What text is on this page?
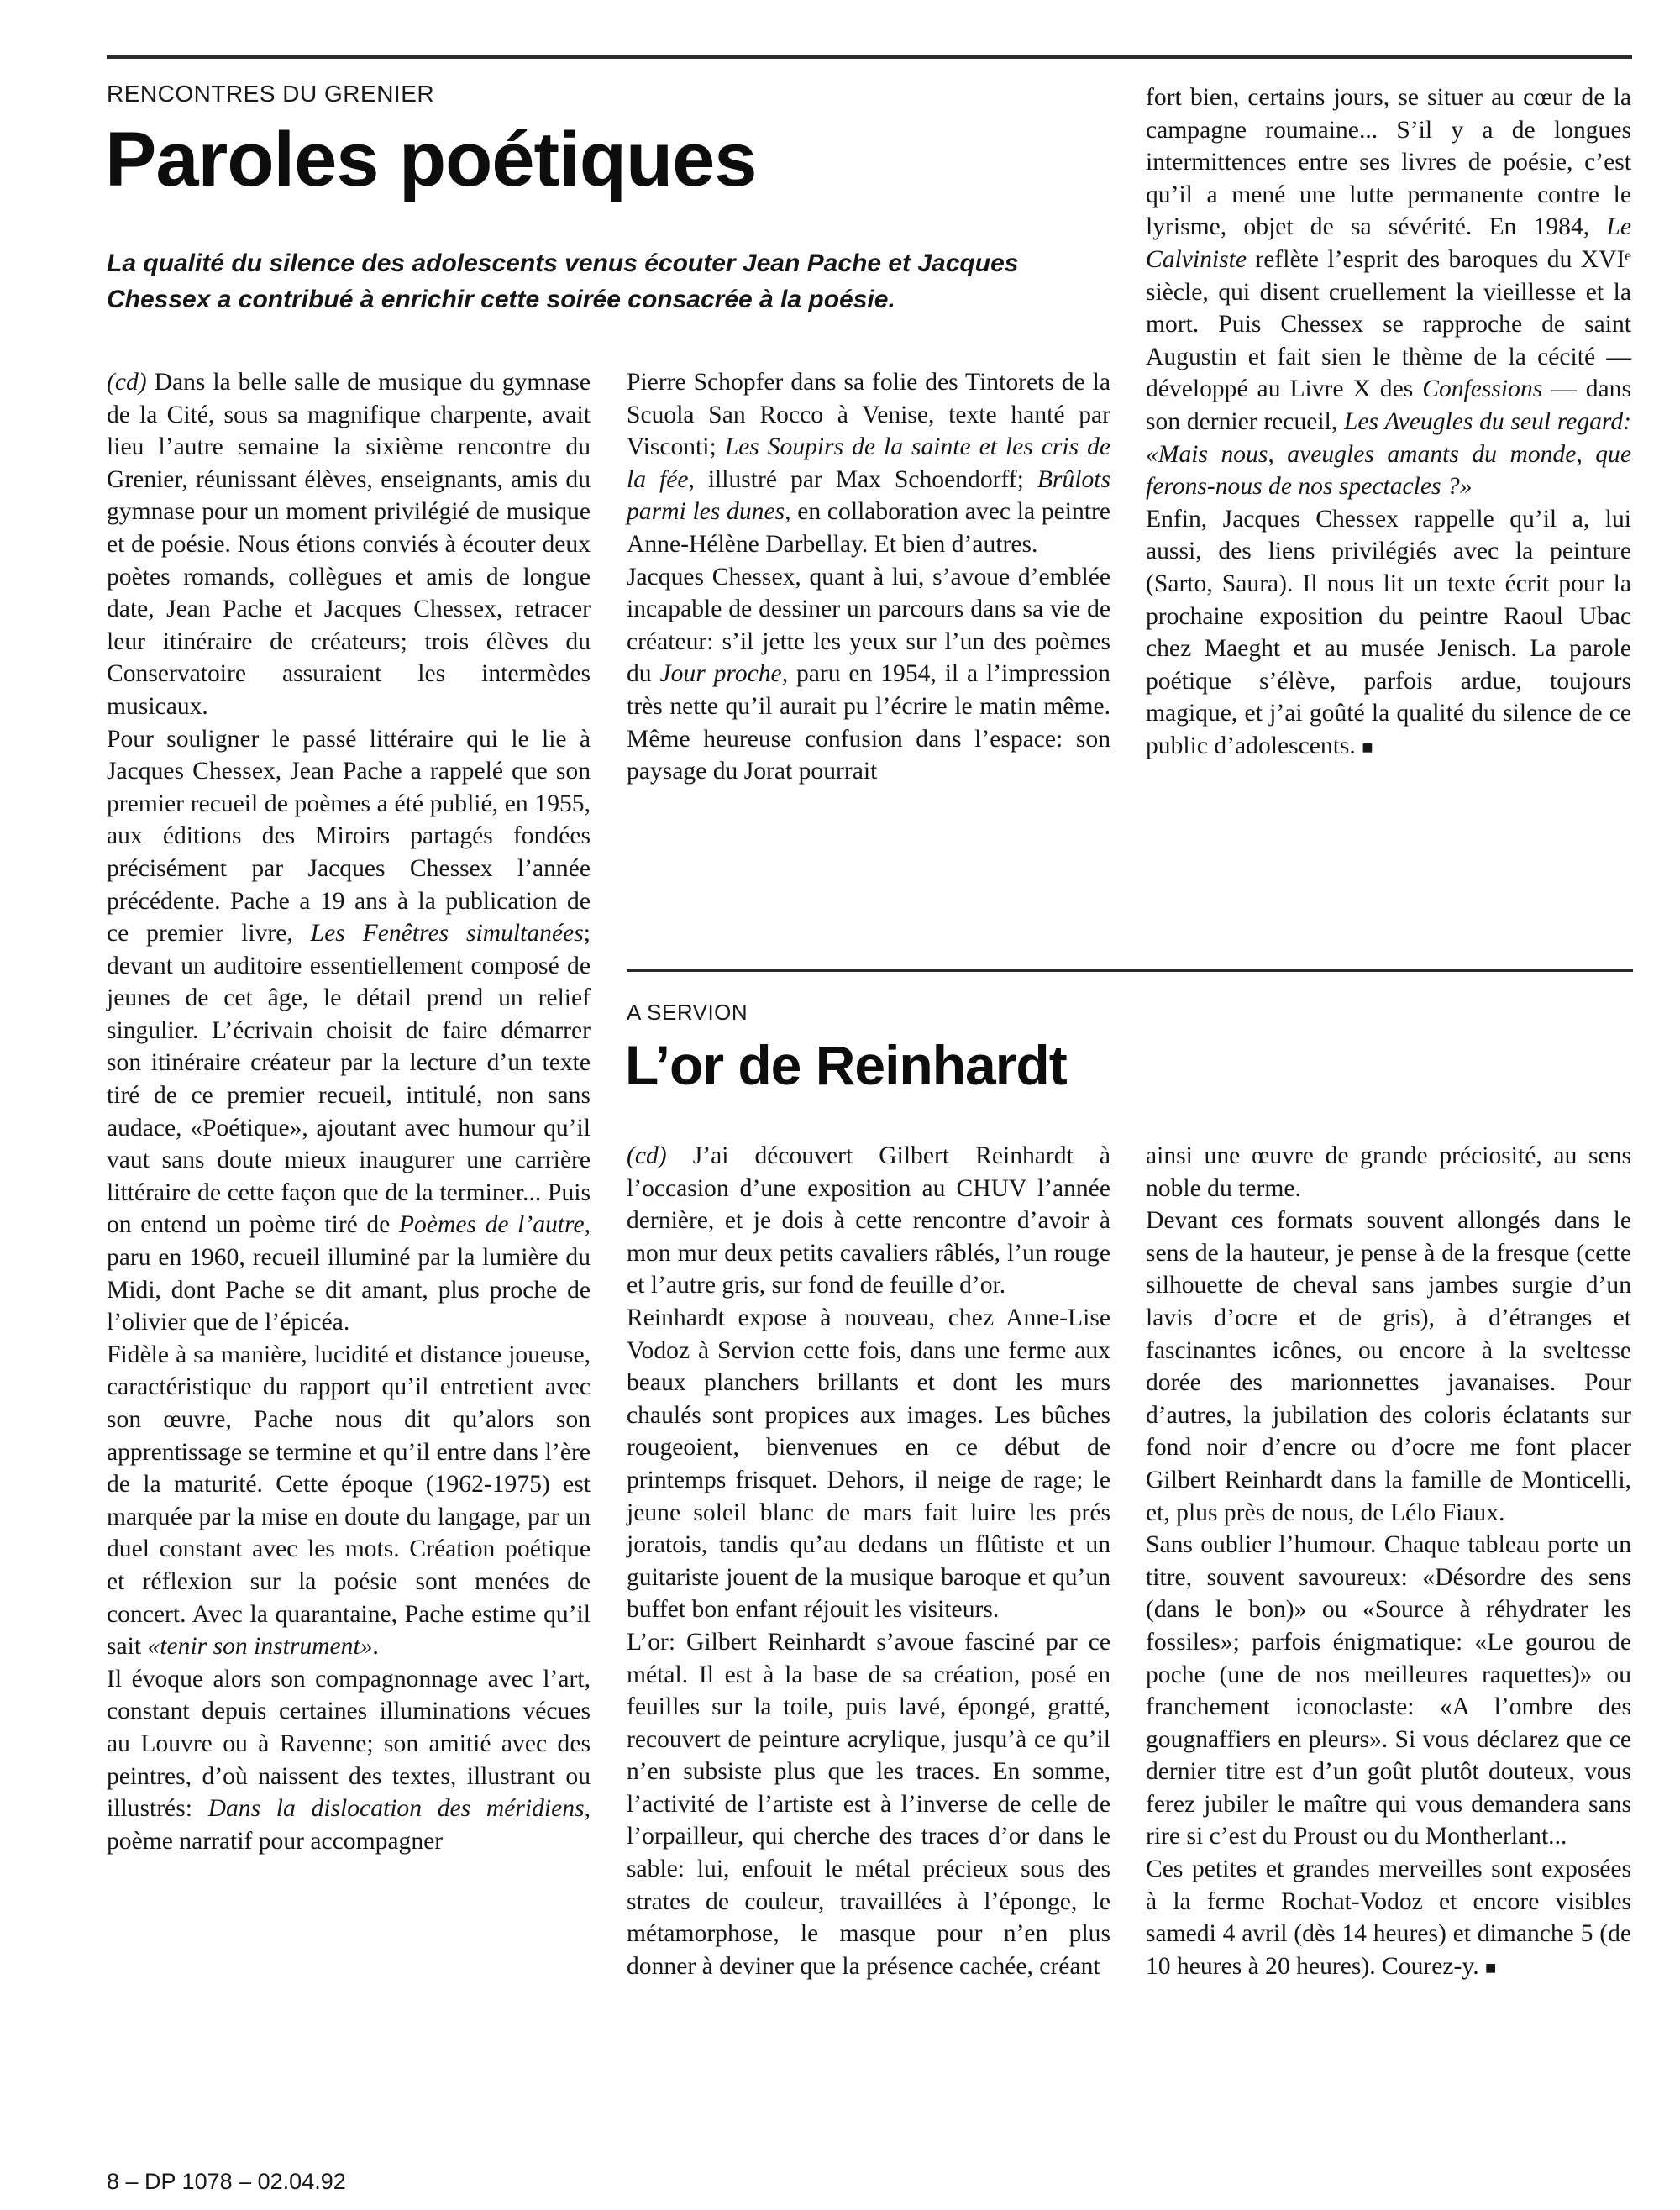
RENCONTRES DU GRENIER
Paroles poétiques
La qualité du silence des adolescents venus écouter Jean Pache et Jacques Chessex a contribué à enrichir cette soirée consacrée à la poésie.

(cd) Dans la belle salle de musique du gymnase de la Cité, sous sa magnifique charpente, avait lieu l’autre semaine la sixième rencontre du Grenier, réunissant élèves, enseignants, amis du gymnase pour un moment privilégié de musique et de poésie. Nous étions conviés à écouter deux poètes romands, collègues et amis de longue date, Jean Pache et Jacques Chessex, retracer leur itinéraire de créateurs; trois élèves du Conservatoire assuraient les intermèdes musicaux.

Pour souligner le passé littéraire qui le lie à Jacques Chessex, Jean Pache a rappelé que son premier recueil de poèmes a été publié, en 1955, aux éditions des Miroirs partagés fondées précisément par Jacques Chessex l’année précédente. Pache a 19 ans à la publication de ce premier livre, Les Fenêtres simultanées; devant un auditoire essentiellement composé de jeunes de cet âge, le détail prend un relief singulier. L’écrivain choisit de faire démarrer son itinéraire créateur par la lecture d’un texte tiré de ce premier recueil, intitulé, non sans audace, «Poétique», ajoutant avec humour qu’il vaut sans doute mieux inaugurer une carrière littéraire de cette façon que de la terminer... Puis on entend un poème tiré de Poèmes de l’autre, paru en 1960, recueil illuminé par la lumière du Midi, dont Pache se dit amant, plus proche de l’olivier que de l’épicéa.

Fidèle à sa manière, lucidité et distance joueuse, caractéristique du rapport qu’il entretient avec son œuvre, Pache nous dit qu’alors son apprentissage se termine et qu’il entre dans l’ère de la maturité. Cette époque (1962-1975) est marquée par la mise en doute du langage, par un duel constant avec les mots. Création poétique et réflexion sur la poésie sont menées de concert. Avec la quarantaine, Pache estime qu’il sait «tenir son instrument».

Il évoque alors son compagnonnage avec l’art, constant depuis certaines illuminations vécues au Louvre ou à Ravenne; son amitié avec des peintres, d’où naissent des textes, illustrant ou illustrés: Dans la dislocation des méridiens, poème narratif pour accompagner

Pierre Schopfer dans sa folie des Tintorets de la Scuola San Rocco à Venise, texte hanté par Visconti; Les Soupirs de la sainte et les cris de la fée, illustré par Max Schoendorff; Brûlots parmi les dunes, en collaboration avec la peintre Anne-Hélène Darbellay. Et bien d’autres.

Jacques Chessex, quant à lui, s’avoue d’emblée incapable de dessiner un parcours dans sa vie de créateur: s’il jette les yeux sur l’un des poèmes du Jour proche, paru en 1954, il a l’impression très nette qu’il aurait pu l’écrire le matin même. Même heureuse confusion dans l’espace: son paysage du Jorat pourrait

fort bien, certains jours, se situer au cœur de la campagne roumaine... S’il y a de longues intermittences entre ses livres de poésie, c’est qu’il a mené une lutte permanente contre le lyrisme, objet de sa sévérité. En 1984, Le Calviniste reflète l’esprit des baroques du XVIᵉ siècle, qui disent cruellement la vieillesse et la mort. Puis Chessex se rapproche de saint Augustin et fait sien le thème de la cécité — développé au Livre X des Confessions — dans son dernier recueil, Les Aveugles du seul regard: «Mais nous, aveugles amants du monde, que ferons-nous de nos spectacles ?»

Enfin, Jacques Chessex rappelle qu’il a, lui aussi, des liens privilégiés avec la peinture (Sarto, Saura). Il nous lit un texte écrit pour la prochaine exposition du peintre Raoul Ubac chez Maeght et au musée Jenisch. La parole poétique s’élève, parfois ardue, toujours magique, et j’ai goûté la qualité du silence de ce public d’adolescents. ■

A SERVION
L’or de Reinhardt

(cd) J’ai découvert Gilbert Reinhardt à l’occasion d’une exposition au CHUV l’année dernière, et je dois à cette rencontre d’avoir à mon mur deux petits cavaliers râblés, l’un rouge et l’autre gris, sur fond de feuille d’or.

Reinhardt expose à nouveau, chez Anne-Lise Vodoz à Servion cette fois, dans une ferme aux beaux planchers brillants et dont les murs chaulés sont propices aux images. Les bûches rougeoient, bienvenues en ce début de printemps frisquet. Dehors, il neige de rage; le jeune soleil blanc de mars fait luire les prés joratois, tandis qu’au dedans un flûtiste et un guitariste jouent de la musique baroque et qu’un buffet bon enfant réjouit les visiteurs.

L’or: Gilbert Reinhardt s’avoue fasciné par ce métal. Il est à la base de sa création, posé en feuilles sur la toile, puis lavé, épongé, gratté, recouvert de peinture acrylique, jusqu’à ce qu’il n’en subsiste plus que les traces. En somme, l’activité de l’artiste est à l’inverse de celle de l’orpailleur, qui cherche des traces d’or dans le sable: lui, enfouit le métal précieux sous des strates de couleur, travaillées à l’éponge, le métamorphose, le masque pour n’en plus donner à deviner que la présence cachée, créant

ainsi une œuvre de grande préciosité, au sens noble du terme.

Devant ces formats souvent allongés dans le sens de la hauteur, je pense à de la fresque (cette silhouette de cheval sans jambes surgie d’un lavis d’ocre et de gris), à d’étranges et fascinantes icônes, ou encore à la sveltesse dorée des marionnettes javanaises. Pour d’autres, la jubilation des coloris éclatants sur fond noir d’encre ou d’ocre me font placer Gilbert Reinhardt dans la famille de Monticelli, et, plus près de nous, de Lélo Fiaux.

Sans oublier l’humour. Chaque tableau porte un titre, souvent savoureux: «Désordre des sens (dans le bon)» ou «Source à réhydrater les fossiles»; parfois énigmatique: «Le gourou de poche (une de nos meilleures raquettes)» ou franchement iconoclaste: «A l’ombre des gougnaffiers en pleurs». Si vous déclarez que ce dernier titre est d’un goût plutôt douteux, vous ferez jubiler le maître qui vous demandera sans rire si c’est du Proust ou du Montherlant...

Ces petites et grandes merveilles sont exposées à la ferme Rochat-Vodoz et encore visibles samedi 4 avril (dès 14 heures) et dimanche 5 (de 10 heures à 20 heures). Courez-y. ■

8 – DP 1078 – 02.04.92
